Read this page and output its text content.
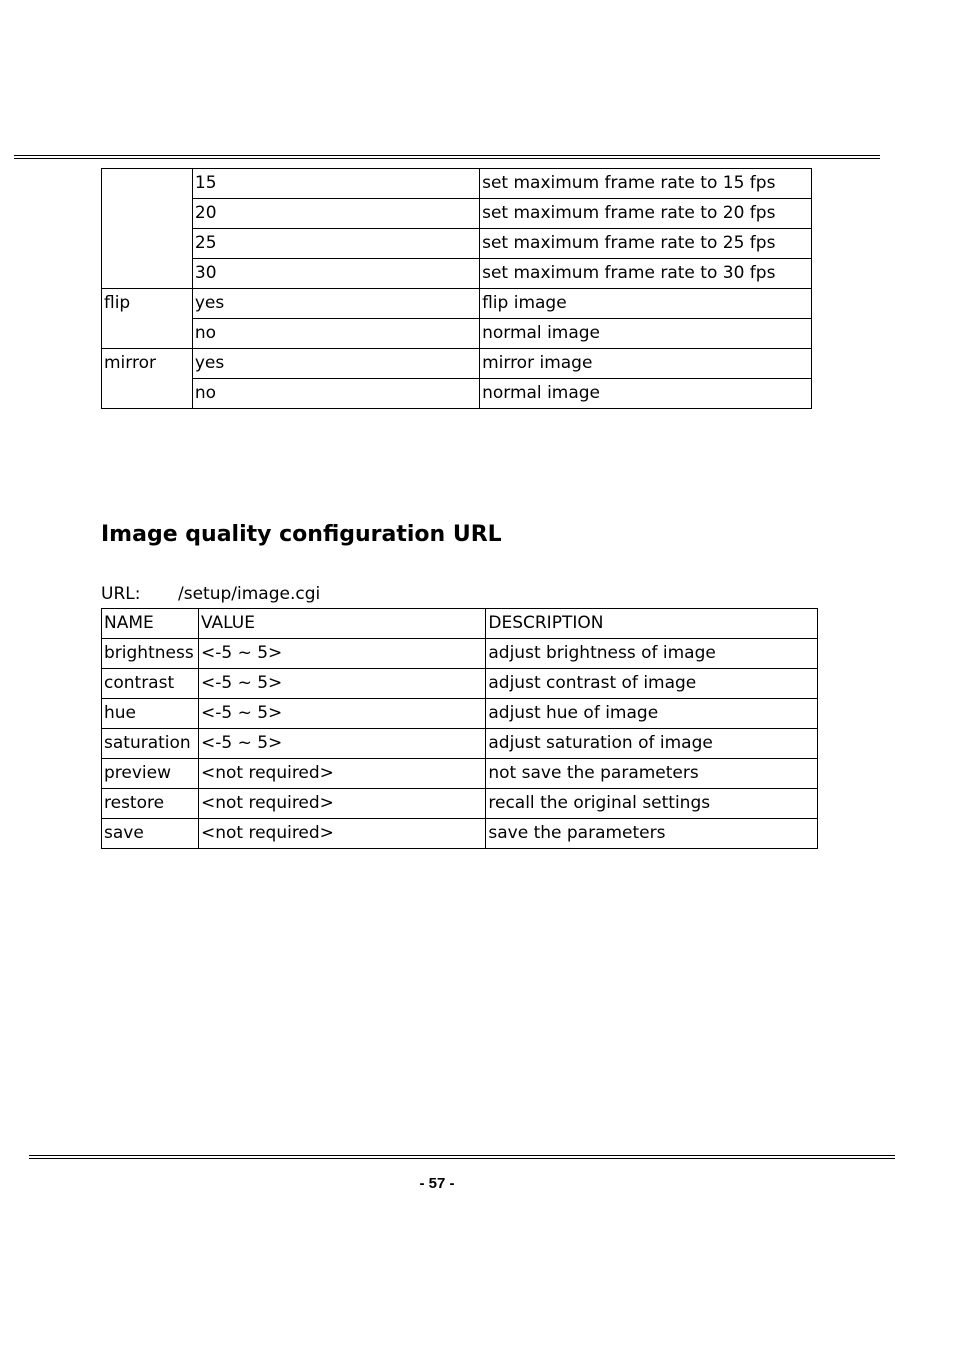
	15	set maximum frame rate to 15 fps
	20	set maximum frame rate to 20 fps
	25	set maximum frame rate to 25 fps
	30	set maximum frame rate to 30 fps
flip	yes	flip image
	no	normal image
mirror	yes	mirror image
	no	normal image
Image quality configuration URL
URL: /setup/image.cgi
NAME	VALUE	DESCRIPTION
brightness	<-5 ~ 5>	adjust brightness of image
contrast	<-5 ~ 5>	adjust contrast of image
hue	<-5 ~ 5>	adjust hue of image
saturation	<-5 ~ 5>	adjust saturation of image
preview	<not required>	not save the parameters
restore	<not required>	recall the original settings
save	<not required>	save the parameters
- 57 -
